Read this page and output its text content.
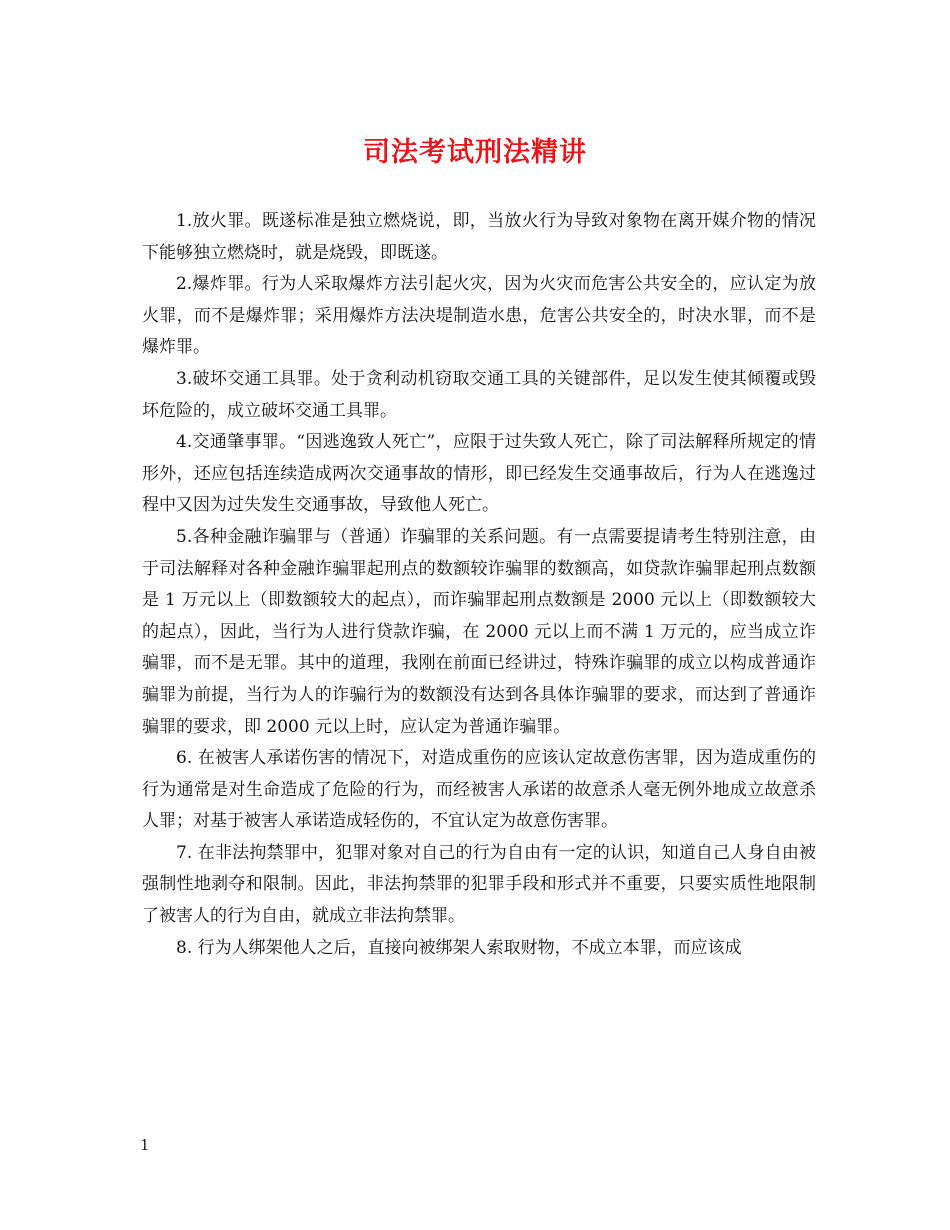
司法考试刑法精讲

1.放火罪。既遂标准是独立燃烧说，即，当放火行为导致对象物在离开媒介物的情况下能够独立燃烧时，就是烧毁，即既遂。

2.爆炸罪。行为人采取爆炸方法引起火灾，因为火灾而危害公共安全的，应认定为放火罪，而不是爆炸罪；采用爆炸方法决堤制造水患，危害公共安全的，时决水罪，而不是爆炸罪。

3.破坏交通工具罪。处于贪利动机窃取交通工具的关键部件，足以发生使其倾覆或毁坏危险的，成立破坏交通工具罪。

4.交通肇事罪。“因逃逸致人死亡”，应限于过失致人死亡，除了司法解释所规定的情形外，还应包括连续造成两次交通事故的情形，即已经发生交通事故后，行为人在逃逸过程中又因为过失发生交通事故，导致他人死亡。

5.各种金融诈骗罪与（普通）诈骗罪的关系问题。有一点需要提请考生特别注意，由于司法解释对各种金融诈骗罪起刑点的数额较诈骗罪的数额高，如贷款诈骗罪起刑点数额是 1 万元以上（即数额较大的起点），而诈骗罪起刑点数额是 2000 元以上（即数额较大的起点），因此，当行为人进行贷款诈骗，在 2000 元以上而不满 1 万元的，应当成立诈骗罪，而不是无罪。其中的道理，我刚在前面已经讲过，特殊诈骗罪的成立以构成普通诈骗罪为前提，当行为人的诈骗行为的数额没有达到各具体诈骗罪的要求，而达到了普通诈骗罪的要求，即 2000 元以上时，应认定为普通诈骗罪。

6. 在被害人承诺伤害的情况下，对造成重伤的应该认定故意伤害罪，因为造成重伤的行为通常是对生命造成了危险的行为，而经被害人承诺的故意杀人毫无例外地成立故意杀人罪；对基于被害人承诺造成轻伤的，不宜认定为故意伤害罪。

7. 在非法拘禁罪中，犯罪对象对自己的行为自由有一定的认识，知道自己人身自由被强制性地剥夺和限制。因此，非法拘禁罪的犯罪手段和形式并不重要，只要实质性地限制了被害人的行为自由，就成立非法拘禁罪。

8. 行为人绑架他人之后，直接向被绑架人索取财物，不成立本罪，而应该成

1
